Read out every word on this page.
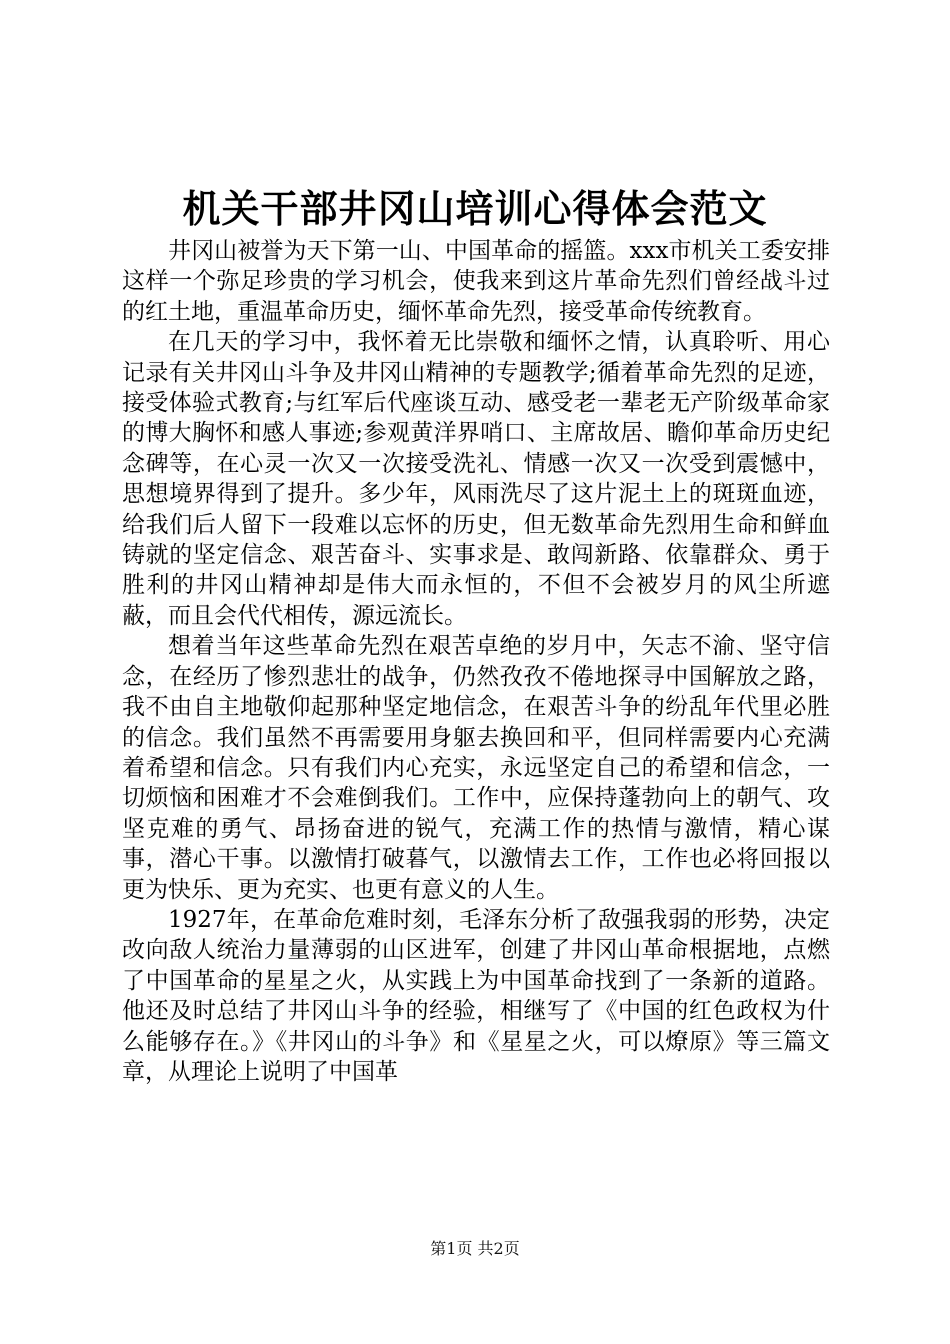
机关干部井冈山培训心得体会范文

井冈山被誉为天下第一山、中国革命的摇篮。xxx市机关工委安排这样一个弥足珍贵的学习机会，使我来到这片革命先烈们曾经战斗过的红土地，重温革命历史，缅怀革命先烈，接受革命传统教育。

在几天的学习中，我怀着无比崇敬和缅怀之情，认真聆听、用心记录有关井冈山斗争及井冈山精神的专题教学;循着革命先烈的足迹，接受体验式教育;与红军后代座谈互动、感受老一辈老无产阶级革命家的博大胸怀和感人事迹;参观黄洋界哨口、主席故居、瞻仰革命历史纪念碑等，在心灵一次又一次接受洗礼、情感一次又一次受到震憾中，思想境界得到了提升。多少年，风雨洗尽了这片泥土上的斑斑血迹，给我们后人留下一段难以忘怀的历史，但无数革命先烈用生命和鲜血铸就的坚定信念、艰苦奋斗、实事求是、敢闯新路、依靠群众、勇于胜利的井冈山精神却是伟大而永恒的，不但不会被岁月的风尘所遮蔽，而且会代代相传，源远流长。

想着当年这些革命先烈在艰苦卓绝的岁月中，矢志不渝、坚守信念，在经历了惨烈悲壮的战争，仍然孜孜不倦地探寻中国解放之路，我不由自主地敬仰起那种坚定地信念，在艰苦斗争的纷乱年代里必胜的信念。我们虽然不再需要用身躯去换回和平，但同样需要内心充满着希望和信念。只有我们内心充实，永远坚定自己的希望和信念，一切烦恼和困难才不会难倒我们。工作中，应保持蓬勃向上的朝气、攻坚克难的勇气、昂扬奋进的锐气，充满工作的热情与激情，精心谋事，潜心干事。以激情打破暮气，以激情去工作，工作也必将回报以更为快乐、更为充实、也更有意义的人生。

1927年，在革命危难时刻，毛泽东分析了敌强我弱的形势，决定改向敌人统治力量薄弱的山区进军，创建了井冈山革命根据地，点燃了中国革命的星星之火，从实践上为中国革命找到了一条新的道路。他还及时总结了井冈山斗争的经验，相继写了《中国的红色政权为什么能够存在。》《井冈山的斗争》和《星星之火，可以燎原》等三篇文章，从理论上说明了中国革

第1页 共2页
